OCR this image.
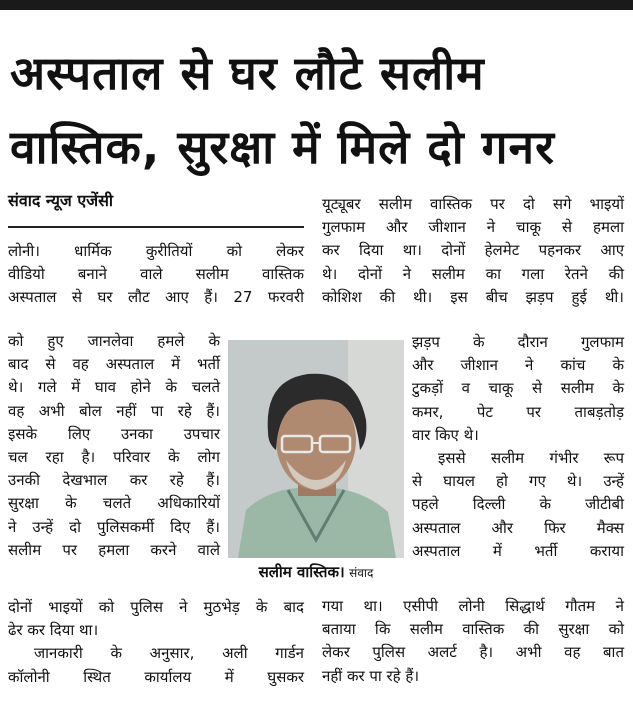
अस्पताल से घर लौटे सलीम
वास्तिक, सुरक्षा में मिले दो गनर
संवाद न्यूज एजेंसी
लोनी। धार्मिक कुरीतियों को लेकर
वीडियो बनाने वाले सलीम वास्तिक
अस्पताल से घर लौट आए हैं। 27 फरवरी
को हुए जानलेवा हमले के
बाद से वह अस्पताल में भर्ती
थे। गले में घाव होने के चलते
वह अभी बोल नहीं पा रहे हैं।
इसके लिए उनका उपचार
चल रहा है। परिवार के लोग
उनकी देखभाल कर रहे हैं।
सुरक्षा के चलते अधिकारियों
ने उन्हें दो पुलिसकर्मी दिए हैं।
सलीम पर हमला करने वाले
दोनों भाइयों को पुलिस ने मुठभेड़ के बाद
ढेर कर दिया था।
जानकारी के अनुसार, अली गार्डन
कॉलोनी स्थित कार्यालय में घुसकर
यूट्यूबर सलीम वास्तिक पर दो सगे भाइयों
गुलफाम और जीशान ने चाकू से हमला
कर दिया था। दोनों हेलमेट पहनकर आए
थे। दोनों ने सलीम का गला रेतने की
कोशिश की थी। इस बीच झड़प हुई थी।
झड़प के दौरान गुलफाम
और जीशान ने कांच के
टुकड़ों व चाकू से सलीम के
कमर, पेट पर ताबड़तोड़
वार किए थे।
इससे सलीम गंभीर रूप
से घायल हो गए थे। उन्हें
पहले दिल्ली के जीटीबी
अस्पताल और फिर मैक्स
अस्पताल में भर्ती कराया
गया था। एसीपी लोनी सिद्धार्थ गौतम ने
बताया कि सलीम वास्तिक की सुरक्षा को
लेकर पुलिस अलर्ट है। अभी वह बात
नहीं कर पा रहे हैं।
सलीम वास्तिक। संवाद
